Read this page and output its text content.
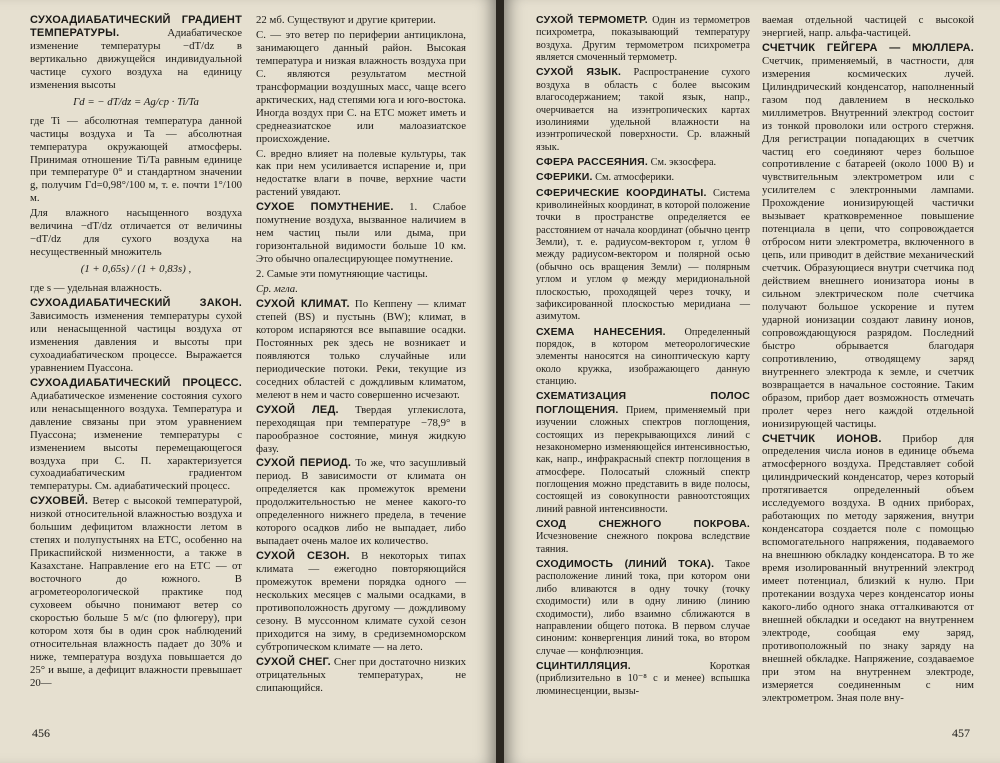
СУХОАДИАБАТИЧЕСКИЙ ГРАДИЕНТ ТЕМПЕРАТУРЫ.	Адиабатическое изменение температуры −dT/dz в вертикально движущейся индивидуальной частице сухого воздуха на единицу изменения высоты

Γd = − dT/dz = Ag/cp · Ti/Ta

где Ti — абсолютная температура данной частицы воздуха и Ta — абсолютная температура окружающей атмосферы. Принимая отношение Ti/Ta равным единице при температуре 0° и стандартном значении g, получим Γd=0,98°/100 м, т. е. почти 1°/100 м.

Для влажного насыщенного воздуха величина −dT/dz отличается от величины −dT/dz для сухого воздуха на несущественный множитель

(1 + 0,65s) / (1 + 0,83s) ,

где s — удельная влажность.

СУХОАДИАБАТИЧЕСКИЙ ЗАКОН. Зависимость изменения температуры сухой или ненасыщенной частицы воздуха от изменения давления и высоты при сухоадиабатическом процессе. Выражается уравнением Пуассона.

СУХОАДИАБАТИЧЕСКИЙ ПРОЦЕСС. Адиабатическое изменение состояния сухого или ненасыщенного воздуха. Температура и давление связаны при этом уравнением Пуассона; изменение температуры с изменением высоты перемещающегося воздуха при С. П. характеризуется сухоадиабатическим градиентом температуры. См. адиабатический процесс.

СУХОВЕЙ. Ветер с высокой температурой, низкой относительной влажностью воздуха и большим дефицитом влажности летом в степях и полупустынях на ЕТС, особенно на Прикаспийской низменности, а также в Казахстане. Направление его на ЕТС — от восточного до южного. В агрометеорологической практике под суховеем обычно понимают ветер со скоростью больше 5 м/с (по флюгеру), при котором хотя бы в один срок наблюдений относительная влажность падает до 30% и ниже, температура воздуха повышается до 25° и выше, а дефицит влажности превышает 20—

22 мб. Существуют и другие критерии.

С. — это ветер по периферии антициклона, занимающего данный район. Высокая температура и низкая влажность воздуха при С. являются результатом местной трансформации воздушных масс, чаще всего арктических, над степями юга и юго-востока. Иногда воздух при С. на ЕТС может иметь и среднеазиатское или малоазиатское происхождение.

С. вредно влияет на полевые культуры, так как при нем усиливается испарение и, при недостатке влаги в почве, верхние части растений увядают.

СУХОЕ ПОМУТНЕНИЕ. 1. Слабое помутнение воздуха, вызванное наличием в нем частиц пыли или дыма, при горизонтальной видимости больше 10 км. Это обычно опалесцирующее помутнение.

2. Самые эти помутняющие частицы.

Ср. мгла.

СУХОЙ КЛИМАТ. По Кеппену — климат степей (BS) и пустынь (BW); климат, в котором испаряются все выпавшие осадки. Постоянных рек здесь не возникает и появляются только случайные или периодические потоки. Реки, текущие из соседних областей с дождливым климатом, мелеют в нем и часто совершенно исчезают.

СУХОЙ ЛЕД. Твердая углекислота, переходящая при температуре −78,9° в парообразное состояние, минуя жидкую фазу.

СУХОЙ ПЕРИОД. То же, что засушливый период. В зависимости от климата он определяется как промежуток времени продолжительностью не менее какого-то определенного нижнего предела, в течение которого осадков либо не выпадает, либо выпадает очень малое их количество.

СУХОЙ СЕЗОН. В некоторых типах климата — ежегодно повторяющийся промежуток времени порядка одного — нескольких месяцев с малыми осадками, в противоположность другому — дождливому сезону. В муссонном климате сухой сезон приходится на зиму, в средиземноморском субтропическом климате — на лето.

СУХОЙ СНЕГ. Снег при достаточно низких отрицательных температурах, не слипающийся.

456

СУХОЙ ТЕРМОМЕТР. Один из термометров психрометра, показывающий температуру воздуха. Другим термометром психрометра является смоченный термометр.

СУХОЙ ЯЗЫК. Распространение сухого воздуха в область с более высоким влагосодержанием; такой язык, напр., очерчивается на изэнтропических картах изолиниями удельной влажности на изэнтропической поверхности. Ср. влажный язык.

СФЕРА РАССЕЯНИЯ. См. экзосфера.

СФЕРИКИ. См. атмосферики.

СФЕРИЧЕСКИЕ КООРДИНАТЫ. Система криволинейных координат, в которой положение точки в пространстве определяется ее расстоянием от начала координат (обычно центр Земли), т. е. радиусом-вектором r, углом θ между радиусом-вектором и полярной осью (обычно ось вращения Земли) — полярным углом и углом φ между меридиональной плоскостью, проходящей через точку, и зафиксированной плоскостью меридиана — азимутом.

СХЕМА НАНЕСЕНИЯ. Определенный порядок, в котором метеорологические элементы наносятся на синоптическую карту около кружка, изображающего данную станцию.

СХЕМАТИЗАЦИЯ ПОЛОС ПОГЛОЩЕНИЯ. Прием, применяемый при изучении сложных спектров поглощения, состоящих из перекрывающихся линий с незакономерно изменяющейся интенсивностью, как, напр., инфракрасный спектр поглощения в атмосфере. Полосатый сложный спектр поглощения можно представить в виде полосы, состоящей из совокупности равноотстоящих линий равной интенсивности.

СХОД СНЕЖНОГО ПОКРОВА. Исчезновение снежного покрова вследствие таяния.

СХОДИМОСТЬ (ЛИНИЙ ТОКА). Такое расположение линий тока, при котором они либо вливаются в одну точку (точку сходимости) или в одну линию (линию сходимости), либо взаимно сближаются в направлении общего потока. В первом случае синоним: конвергенция линий тока, во втором случае — конфлюэнция.

СЦИНТИЛЛЯЦИЯ.	Короткая (приблизительно в 10⁻⁸ с и менее) вспышка люминесценции, вызы-

ваемая отдельной частицей с высокой энергией, напр. альфа-частицей.

СЧЕТЧИК ГЕЙГЕРА — МЮЛЛЕРА. Счетчик, применяемый, в частности, для измерения космических лучей. Цилиндрический конденсатор, наполненный газом под давлением в несколько миллиметров. Внутренний электрод состоит из тонкой проволоки или острого стержня. Для регистрации попадающих в счетчик частиц его соединяют через большое сопротивление с батареей (около 1000 В) и чувствительным электрометром или с усилителем с электронными лампами. Прохождение ионизирующей частички вызывает кратковременное повышение потенциала в цепи, что сопровождается отбросом нити электрометра, включенного в цепь, или приводит в действие механический счетчик. Образующиеся внутри счетчика под действием внешнего ионизатора ионы в сильном электрическом поле счетчика получают большое ускорение и путем ударной ионизации создают лавину ионов, сопровождающуюся разрядом. Последний быстро обрывается благодаря сопротивлению, отводящему заряд внутреннего электрода к земле, и счетчик возвращается в начальное состояние. Таким образом, прибор дает возможность отмечать пролет через него каждой отдельной ионизирующей частицы.

СЧЕТЧИК ИОНОВ. Прибор для определения числа ионов в единице объема атмосферного воздуха. Представляет собой цилиндрический конденсатор, через который протягивается определенный объем исследуемого воздуха. В одних приборах, работающих по методу заряжения, внутри конденсатора создается поле с помощью вспомогательного напряжения, подаваемого на внешнюю обкладку конденсатора. В то же время изолированный внутренний электрод имеет потенциал, близкий к нулю. При протекании воздуха через конденсатор ионы какого-либо одного знака отталкиваются от внешней обкладки и оседают на внутреннем электроде, сообщая ему заряд, противоположный по знаку заряду на внешней обкладке. Напряжение, создаваемое при этом на внутреннем электроде, измеряется соединенным с ним электрометром. Зная поле вну-

457
